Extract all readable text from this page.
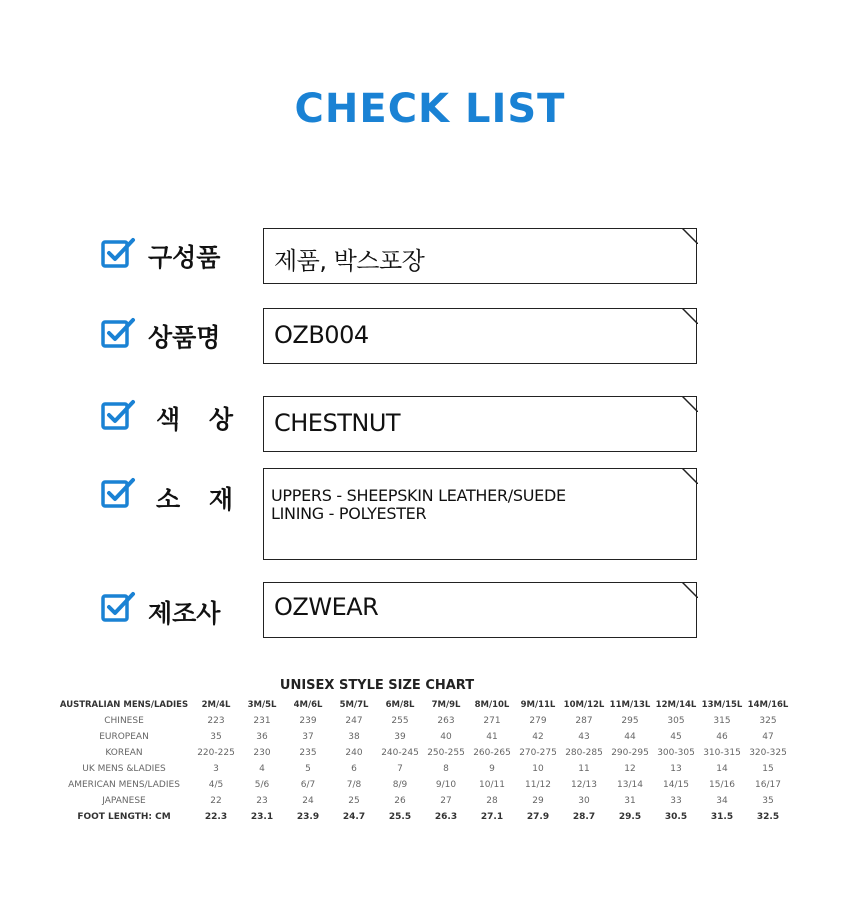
CHECK LIST
구성품 제품, 박스포장
상품명 OZB004
색 상 CHESTNUT
소 재 UPPERS - SHEEPSKIN LEATHER/SUEDE
LINING - POLYESTER
제조사 OZWEAR
UNISEX STYLE SIZE CHART
AUSTRALIAN MENS/LADIES	2M/4L	3M/5L	4M/6L	5M/7L	6M/8L	7M/9L	8M/10L	9M/11L	10M/12L	11M/13L	12M/14L	13M/15L	14M/16L
CHINESE	223	231	239	247	255	263	271	279	287	295	305	315	325
EUROPEAN	35	36	37	38	39	40	41	42	43	44	45	46	47
KOREAN	220-225	230	235	240	240-245	250-255	260-265	270-275	280-285	290-295	300-305	310-315	320-325
UK MENS &LADIES	3	4	5	6	7	8	9	10	11	12	13	14	15
AMERICAN MENS/LADIES	4/5	5/6	6/7	7/8	8/9	9/10	10/11	11/12	12/13	13/14	14/15	15/16	16/17
JAPANESE	22	23	24	25	26	27	28	29	30	31	33	34	35
FOOT LENGTH: CM	22.3	23.1	23.9	24.7	25.5	26.3	27.1	27.9	28.7	29.5	30.5	31.5	32.5
